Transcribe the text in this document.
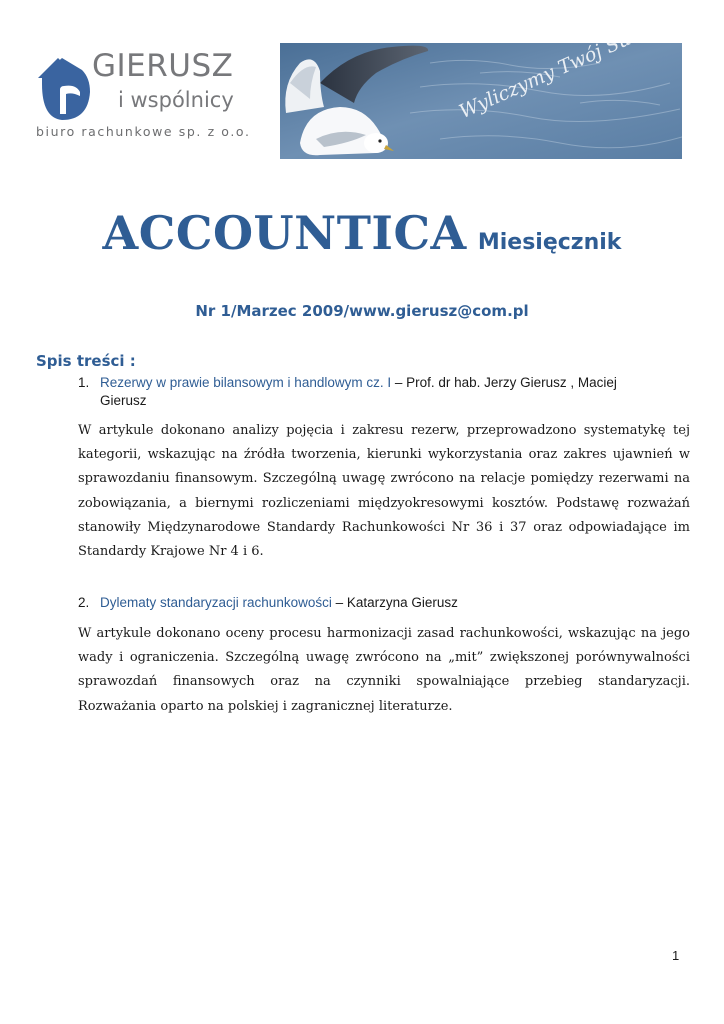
GIERUSZ
i wspólnicy
biuro rachunkowe sp. z o.o.
ACCOUNTICA Miesięcznik
Nr 1/Marzec 2009/www.gierusz@com.pl
Spis treści :
1. Rezerwy w prawie bilansowym i handlowym cz. I – Prof. dr hab. Jerzy Gierusz , Maciej
Gierusz
W artykule dokonano analizy pojęcia i zakresu rezerw, przeprowadzono systematykę tej kategorii, wskazując na źródła tworzenia, kierunki wykorzystania oraz zakres ujawnień w sprawozdaniu finansowym. Szczególną uwagę zwrócono na relacje pomiędzy rezerwami na zobowiązania, a biernymi rozliczeniami międzyokresowymi kosztów. Podstawę rozważań stanowiły Międzynarodowe Standardy Rachunkowości Nr 36 i 37 oraz odpowiadające im Standardy Krajowe Nr 4 i 6.
2. Dylematy standaryzacji rachunkowości – Katarzyna Gierusz
W artykule dokonano oceny procesu harmonizacji zasad rachunkowości, wskazując na jego wady i ograniczenia. Szczególną uwagę zwrócono na „mit” zwiększonej porównywalności sprawozdań finansowych oraz na czynniki spowalniające przebieg standaryzacji. Rozważania oparto na polskiej i zagranicznej literaturze.
1
